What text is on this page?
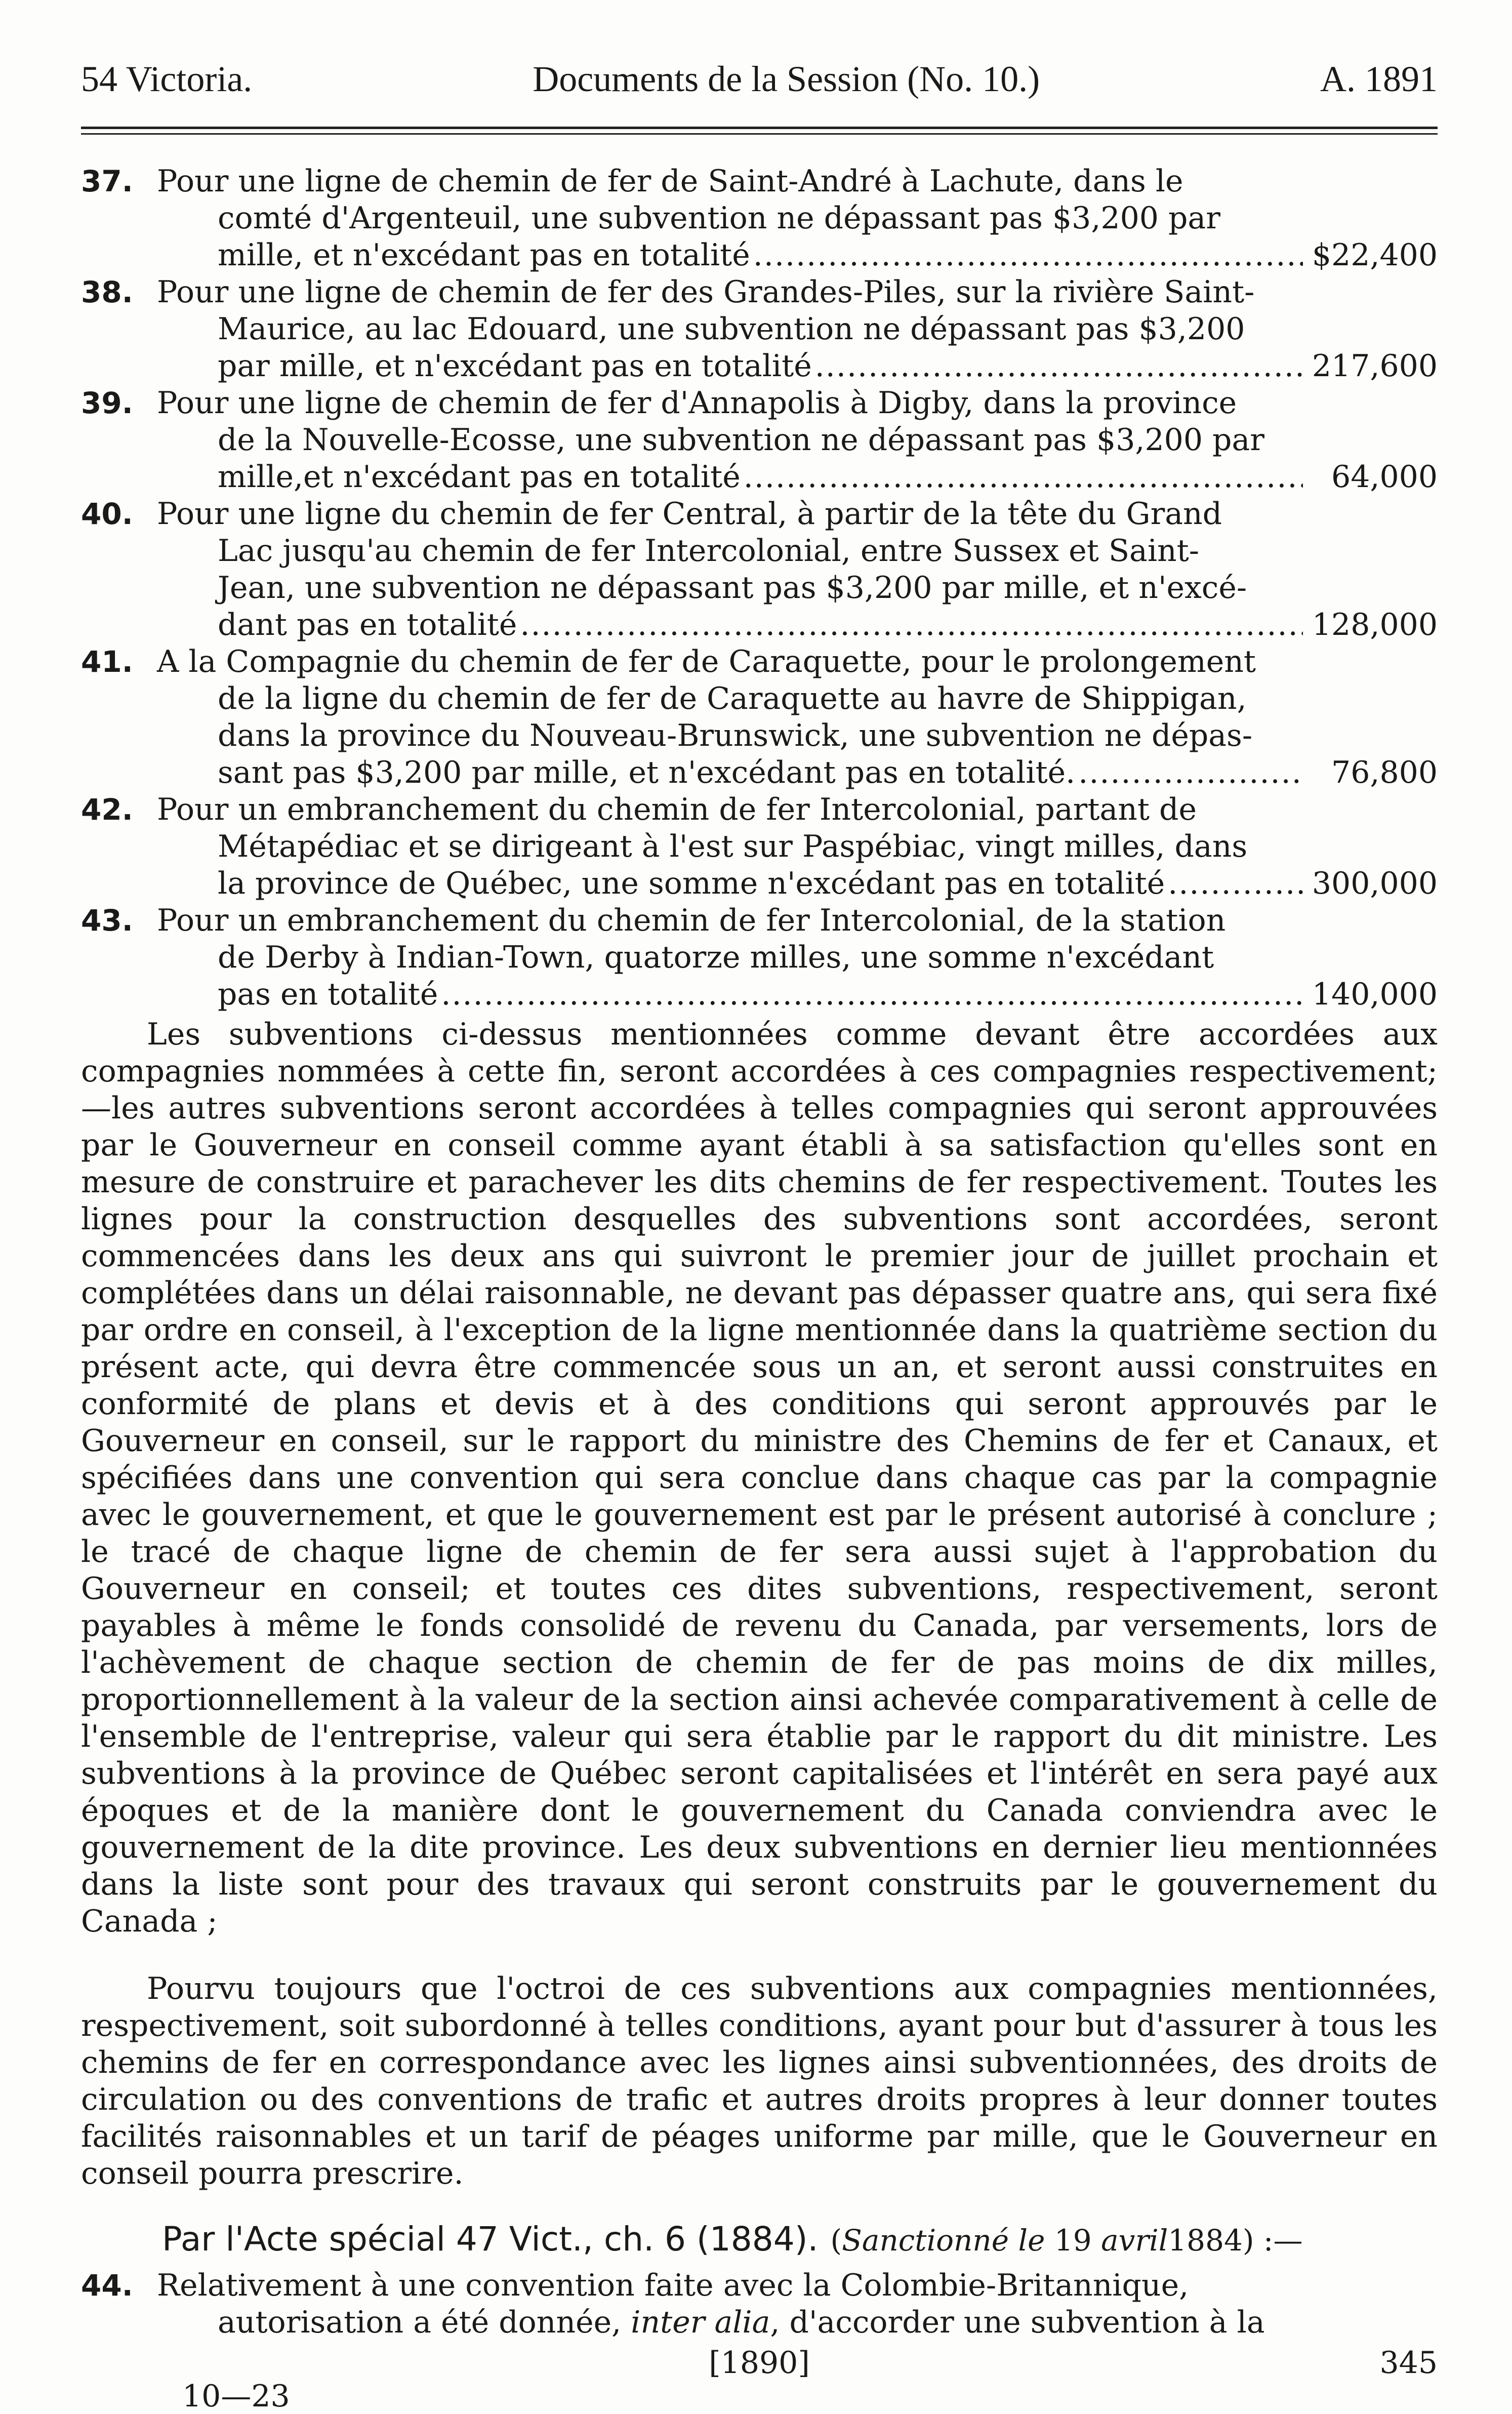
54 Victoria.	Documents de la Session (No. 10.)	A. 1891
37. Pour une ligne de chemin de fer de Saint-André à Lachute, dans le
comté d'Argenteuil, une subvention ne dépassant pas $3,200 par
mille, et n'excédant pas en totalité .....	$22,400
38. Pour une ligne de chemin de fer des Grandes-Piles, sur la rivière Saint-
Maurice, au lac Edouard, une subvention ne dépassant pas $3,200
par mille, et n'excédant pas en totalité .....	217,600
39. Pour une ligne de chemin de fer d'Annapolis à Digby, dans la province
de la Nouvelle-Ecosse, une subvention ne dépassant pas $3,200 par
mille,et n'excédant pas en totalité .....	64,000
40. Pour une ligne du chemin de fer Central, à partir de la tête du Grand
Lac jusqu'au chemin de fer Intercolonial, entre Sussex et Saint-
Jean, une subvention ne dépassant pas $3,200 par mille, et n'excé-
dant pas en totalité .....	128,000
41. A la Compagnie du chemin de fer de Caraquette, pour le prolongement
de la ligne du chemin de fer de Caraquette au havre de Shippigan,
dans la province du Nouveau-Brunswick, une subvention ne dépas-
sant pas $3,200 par mille, et n'excédant pas en totalité. .....	76,800
42. Pour un embranchement du chemin de fer Intercolonial, partant de
Métapédiac et se dirigeant à l'est sur Paspébiac, vingt milles, dans
la province de Québec, une somme n'excédant pas en totalité .....	300,000
43. Pour un embranchement du chemin de fer Intercolonial, de la station
de Derby à Indian-Town, quatorze milles, une somme n'excédant
pas en totalité .....	140,000

Les subventions ci-dessus mentionnées comme devant être accordées aux compagnies nommées à cette fin, seront accordées à ces compagnies respectivement;—les autres subventions seront accordées à telles compagnies qui seront approuvées par le Gouverneur en conseil comme ayant établi à sa satisfaction qu'elles sont en mesure de construire et parachever les dits chemins de fer respectivement. Toutes les lignes pour la construction desquelles des subventions sont accordées, seront commencées dans les deux ans qui suivront le premier jour de juillet prochain et complétées dans un délai raisonnable, ne devant pas dépasser quatre ans, qui sera fixé par ordre en conseil, à l'exception de la ligne mentionnée dans la quatrième section du présent acte, qui devra être commencée sous un an, et seront aussi construites en conformité de plans et devis et à des conditions qui seront approuvés par le Gouverneur en conseil, sur le rapport du ministre des Chemins de fer et Canaux, et spécifiées dans une convention qui sera conclue dans chaque cas par la compagnie avec le gouvernement, et que le gouvernement est par le présent autorisé à conclure ; le tracé de chaque ligne de chemin de fer sera aussi sujet à l'approbation du Gouverneur en conseil; et toutes ces dites subventions, respectivement, seront payables à même le fonds consolidé de revenu du Canada, par versements, lors de l'achèvement de chaque section de chemin de fer de pas moins de dix milles, proportionnellement à la valeur de la section ainsi achevée comparativement à celle de l'ensemble de l'entreprise, valeur qui sera établie par le rapport du dit ministre. Les subventions à la province de Québec seront capitalisées et l'intérêt en sera payé aux époques et de la manière dont le gouvernement du Canada conviendra avec le gouvernement de la dite province. Les deux subventions en dernier lieu mentionnées dans la liste sont pour des travaux qui seront construits par le gouvernement du Canada ;

Pourvu toujours que l'octroi de ces subventions aux compagnies mentionnées, respectivement, soit subordonné à telles conditions, ayant pour but d'assurer à tous les chemins de fer en correspondance avec les lignes ainsi subventionnées, des droits de circulation ou des conventions de trafic et autres droits propres à leur donner toutes facilités raisonnables et un tarif de péages uniforme par mille, que le Gouverneur en conseil pourra prescrire.

Par l'Acte spécial 47 Vict., ch. 6 (1884). (Sanctionné le 19 avril1884) :—
44. Relativement à une convention faite avec la Colombie-Britannique,
autorisation a été donnée, inter alia, d'accorder une subvention à la
[1890]	345
10—23
